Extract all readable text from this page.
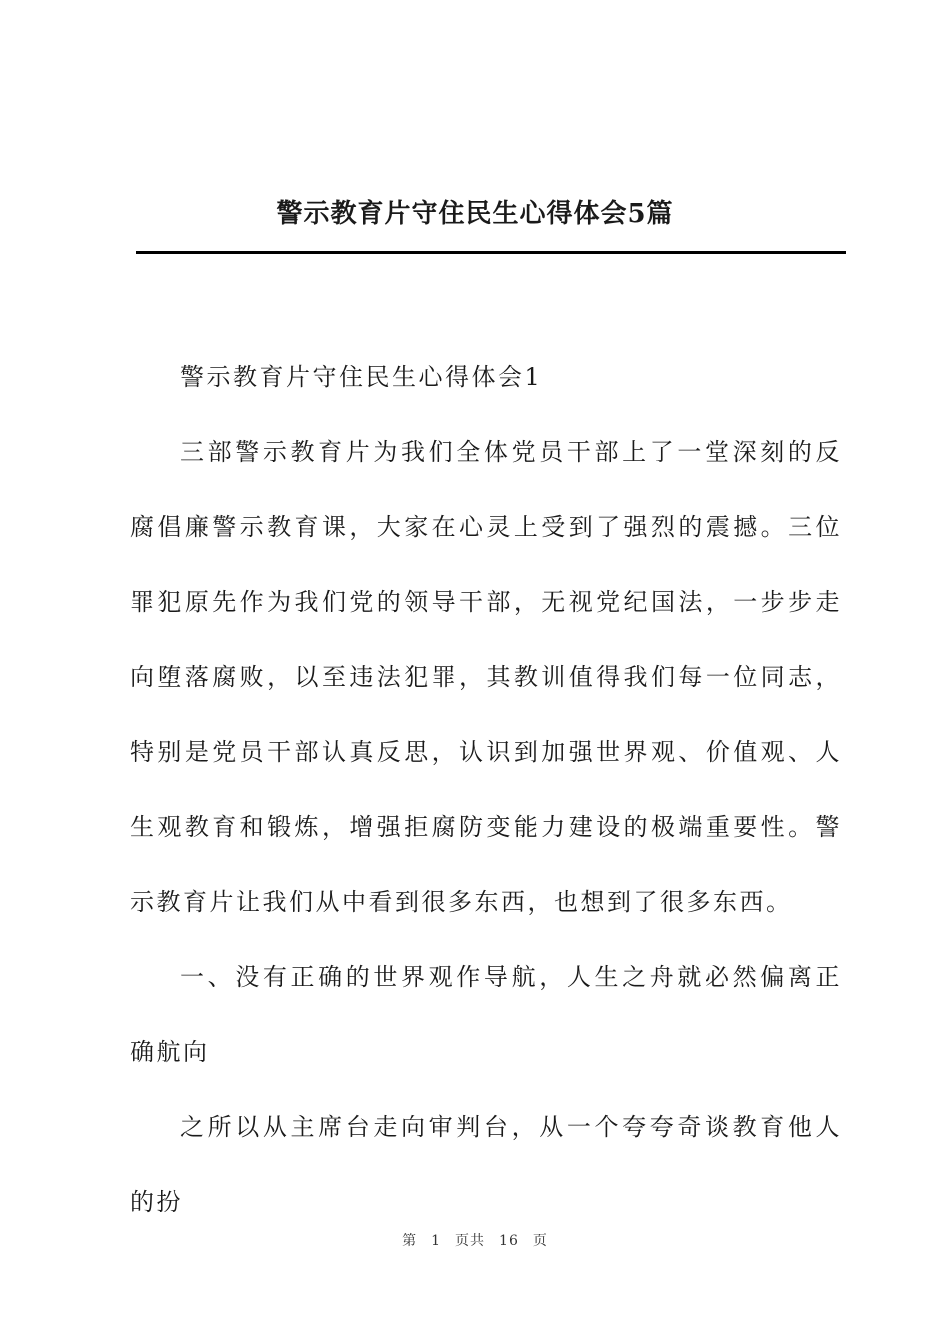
警示教育片守住民生心得体会5篇

警示教育片守住民生心得体会1

三部警示教育片为我们全体党员干部上了一堂深刻的反腐倡廉警示教育课，大家在心灵上受到了强烈的震撼。三位罪犯原先作为我们党的领导干部，无视党纪国法，一步步走向堕落腐败，以至违法犯罪，其教训值得我们每一位同志，特别是党员干部认真反思，认识到加强世界观、价值观、人生观教育和锻炼，增强拒腐防变能力建设的极端重要性。警示教育片让我们从中看到很多东西，也想到了很多东西。

一、没有正确的世界观作导航，人生之舟就必然偏离正确航向

之所以从主席台走向审判台，从一个夸夸奇谈教育他人的扮

第 1 页共 16 页
